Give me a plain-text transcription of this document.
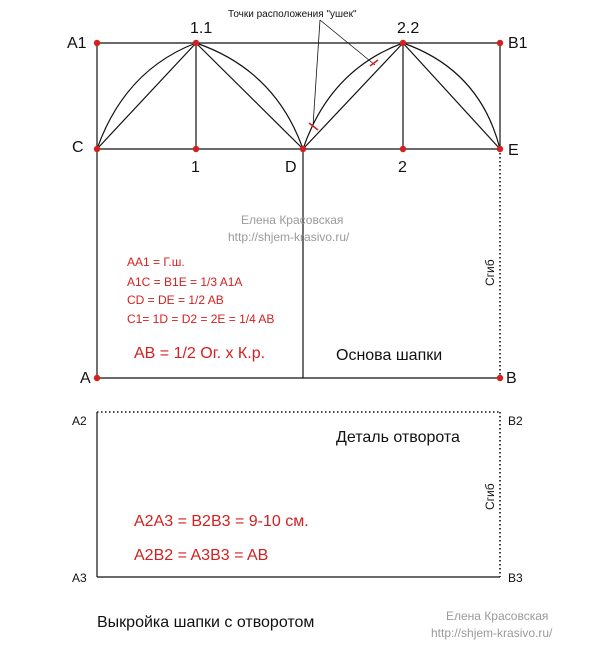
A1
1.1	2.2
B1
C
D
E
1	2
A	B
Точки расположения "ушек"
Елена Красовская
http://shjem-krasivo.ru/
AA1 = Г.ш.
A1C = B1E = 1/3 A1A
CD = DE = 1/2 AB
C1= 1D = D2 = 2E = 1/4 AB
AB = 1/2 Ог. х К.р.	Основа шапки
Сгиб
A2	B2
A3	B3
Деталь отворота
Сгиб
A2A3 = B2B3 = 9-10 см.
A2B2 = A3B3 = AB
Выкройка шапки с отворотом	Елена Красовская
http://shjem-krasivo.ru/
